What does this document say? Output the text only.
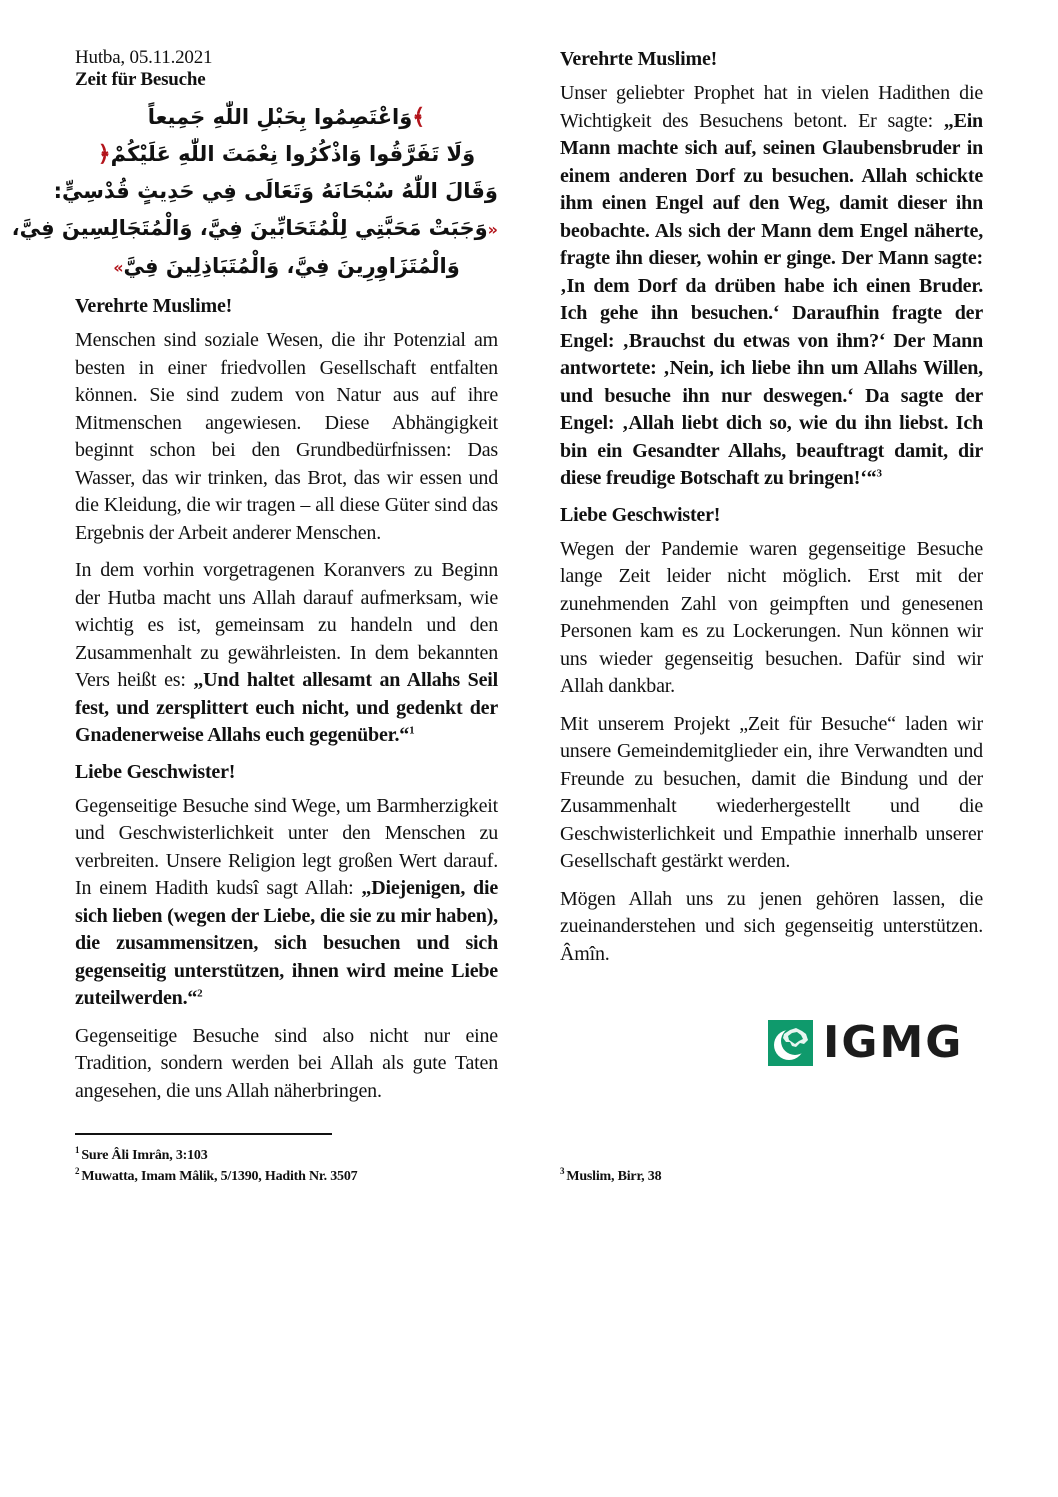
Hutba, 05.11.2021
Zeit für Besuche
﴾وَاعْتَصِمُوا بِحَبْلِ اللّٰهِ جَمِيعاً
وَلَا تَفَرَّقُوا وَاذْكُرُوا نِعْمَتَ اللّٰهِ عَلَيْكُمْ﴿
وَقَالَ اللّٰهُ سُبْحَانَهُ وَتَعَالَى فِي حَدِيثٍ قُدْسِيٍّ:
«وَجَبَتْ مَحَبَّتِي لِلْمُتَحَابِّينَ فِيَّ، وَالْمُتَجَالِسِينَ فِيَّ،
وَالْمُتَزَاوِرِينَ فِيَّ، وَالْمُتَبَاذِلِينَ فِيَّ»
Verehrte Muslime!

Menschen sind soziale Wesen, die ihr Potenzial am besten in einer friedvollen Gesellschaft entfalten können. Sie sind zudem von Natur aus auf ihre Mitmenschen angewiesen. Diese Abhängigkeit beginnt schon bei den Grundbedürfnissen: Das Wasser, das wir trinken, das Brot, das wir essen und die Kleidung, die wir tragen – all diese Güter sind das Ergebnis der Arbeit anderer Menschen.

In dem vorhin vorgetragenen Koranvers zu Beginn der Hutba macht uns Allah darauf aufmerksam, wie wichtig es ist, gemeinsam zu handeln und den Zusammenhalt zu gewährleisten. In dem bekannten Vers heißt es: „Und haltet allesamt an Allahs Seil fest, und zersplittert euch nicht, und gedenkt der Gnadenerweise Allahs euch gegenüber.“$^1$

Liebe Geschwister!

Gegenseitige Besuche sind Wege, um Barmherzigkeit und Geschwisterlichkeit unter den Menschen zu verbreiten. Unsere Religion legt großen Wert darauf. In einem Hadith kudsî sagt Allah: „Diejenigen, die sich lieben (wegen der Liebe, die sie zu mir haben), die zusammensitzen, sich besuchen und sich gegenseitig unterstützen, ihnen wird meine Liebe zuteilwerden.“$^2$

Gegenseitige Besuche sind also nicht nur eine Tradition, sondern werden bei Allah als gute Taten angesehen, die uns Allah näherbringen.

$^1$ Sure Âli Imrân, 3:103
$^2$ Muwatta, Imam Mâlik, 5/1390, Hadith Nr. 3507
Verehrte Muslime!

Unser geliebter Prophet hat in vielen Hadithen die Wichtigkeit des Besuchens betont. Er sagte: „Ein Mann machte sich auf, seinen Glaubensbruder in einem anderen Dorf zu besuchen. Allah schickte ihm einen Engel auf den Weg, damit dieser ihn beobachte. Als sich der Mann dem Engel näherte, fragte ihn dieser, wohin er ginge. Der Mann sagte: ‚In dem Dorf da drüben habe ich einen Bruder. Ich gehe ihn besuchen.‘ Daraufhin fragte der Engel: ‚Brauchst du etwas von ihm?‘ Der Mann antwortete: ‚Nein, ich liebe ihn um Allahs Willen, und besuche ihn nur deswegen.‘ Da sagte der Engel: ‚Allah liebt dich so, wie du ihn liebst. Ich bin ein Gesandter Allahs, beauftragt damit, dir diese freudige Botschaft zu bringen!‘“$^3$

Liebe Geschwister!

Wegen der Pandemie waren gegenseitige Besuche lange Zeit leider nicht möglich. Erst mit der zunehmenden Zahl von geimpften und genesenen Personen kam es zu Lockerungen. Nun können wir uns wieder gegenseitig besuchen. Dafür sind wir Allah dankbar.

Mit unserem Projekt „Zeit für Besuche“ laden wir unsere Gemeindemitglieder ein, ihre Verwandten und Freunde zu besuchen, damit die Bindung und der Zusammenhalt wiederhergestellt und die Geschwisterlichkeit und Empathie innerhalb unserer Gesellschaft gestärkt werden.

Mögen Allah uns zu jenen gehören lassen, die zueinanderstehen und sich gegenseitig unterstützen. Âmîn.

IGMG
$^3$ Muslim, Birr, 38
